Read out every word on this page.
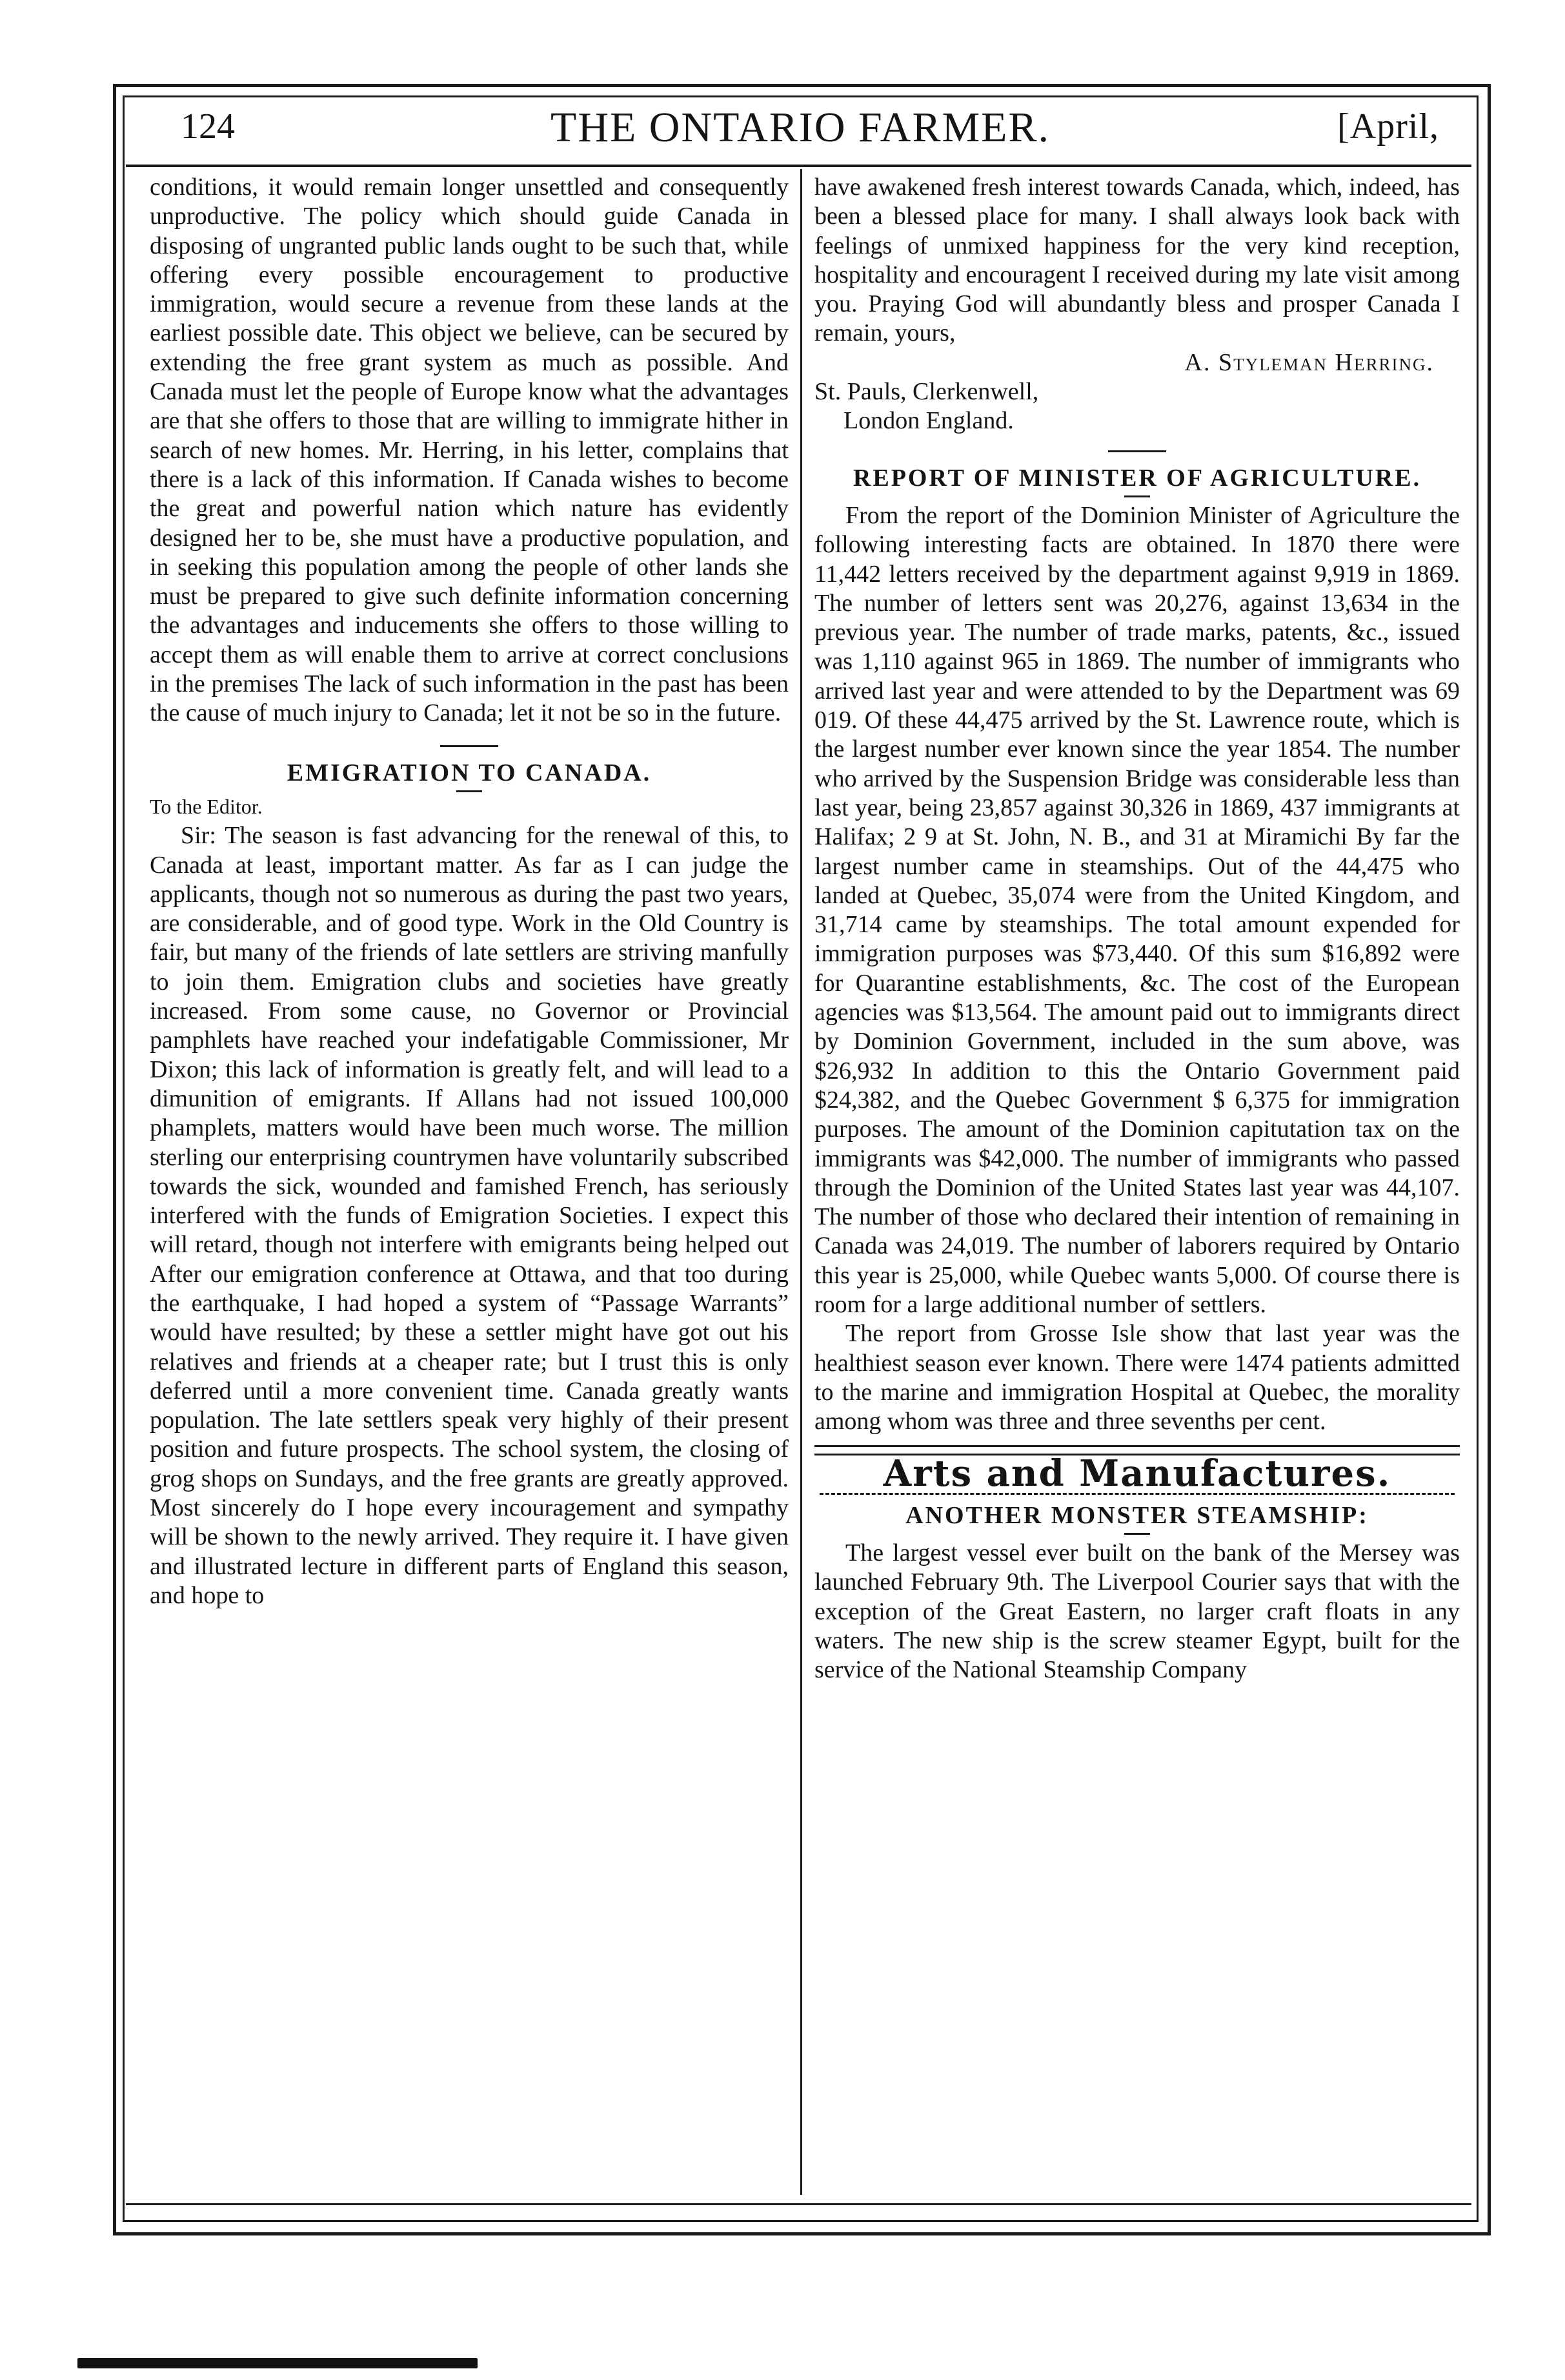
124	THE ONTARIO FARMER.	[April,

conditions, it would remain longer unsettled and consequently unproductive. The policy which should guide Canada in disposing of ungranted public lands ought to be such that, while offering every possible encouragement to productive immigration, would secure a revenue from these lands at the earliest possible date. This object we believe, can be secured by extending the free grant system as much as possible. And Canada must let the people of Europe know what the advantages are that she offers to those that are willing to immigrate hither in search of new homes. Mr. Herring, in his letter, complains that there is a lack of this information. If Canada wishes to become the great and powerful nation which nature has evidently designed her to be, she must have a productive population, and in seeking this population among the people of other lands she must be prepared to give such definite information concerning the advantages and inducements she offers to those willing to accept them as will enable them to arrive at correct conclusions in the premises The lack of such information in the past has been the cause of much injury to Canada; let it not be so in the future.

EMIGRATION TO CANADA.

To the Editor.

Sir: The season is fast advancing for the renewal of this, to Canada at least, important matter. As far as I can judge the applicants, though not so numerous as during the past two years, are considerable, and of good type. Work in the Old Country is fair, but many of the friends of late settlers are striving manfully to join them. Emigration clubs and societies have greatly increased. From some cause, no Governor or Provincial pamphlets have reached your indefatigable Commissioner, Mr Dixon; this lack of information is greatly felt, and will lead to a dimunition of emigrants. If Allans had not issued 100,000 phamplets, matters would have been much worse. The million sterling our enterprising countrymen have voluntarily subscribed towards the sick, wounded and famished French, has seriously interfered with the funds of Emigration Societies. I expect this will retard, though not interfere with emigrants being helped out After our emigration conference at Ottawa, and that too during the earthquake, I had hoped a system of “Passage Warrants” would have resulted; by these a settler might have got out his relatives and friends at a cheaper rate; but I trust this is only deferred until a more convenient time. Canada greatly wants population. The late settlers speak very highly of their present position and future prospects. The school system, the closing of grog shops on Sundays, and the free grants are greatly approved. Most sincerely do I hope every incouragement and sympathy will be shown to the newly arrived. They require it. I have given and illustrated lecture in different parts of England this season, and hope to

have awakened fresh interest towards Canada, which, indeed, has been a blessed place for many. I shall always look back with feelings of unmixed happiness for the very kind reception, hospitality and encouragent I received during my late visit among you. Praying God will abundantly bless and prosper Canada I remain, yours,

A. Styleman Herring.

St. Pauls, Clerkenwell,

London England.

REPORT OF MINISTER OF AGRICULTURE.

From the report of the Dominion Minister of Agriculture the following interesting facts are obtained. In 1870 there were 11,442 letters received by the department against 9,919 in 1869. The number of letters sent was 20,276, against 13,634 in the previous year. The number of trade marks, patents, &c., issued was 1,110 against 965 in 1869. The number of immigrants who arrived last year and were attended to by the Department was 69 019. Of these 44,475 arrived by the St. Lawrence route, which is the largest number ever known since the year 1854. The number who arrived by the Suspension Bridge was considerable less than last year, being 23,857 against 30,326 in 1869, 437 immigrants at Halifax; 2 9 at St. John, N. B., and 31 at Miramichi By far the largest number came in steamships. Out of the 44,475 who landed at Quebec, 35,074 were from the United Kingdom, and 31,714 came by steamships. The total amount expended for immigration purposes was $73,440. Of this sum $16,892 were for Quarantine establishments, &c. The cost of the European agencies was $13,564. The amount paid out to immigrants direct by Dominion Government, included in the sum above, was $26,932 In addition to this the Ontario Government paid $24,382, and the Quebec Government $ 6,375 for immigration purposes. The amount of the Dominion capitutation tax on the immigrants was $42,000. The number of immigrants who passed through the Dominion of the United States last year was 44,107. The number of those who declared their intention of remaining in Canada was 24,019. The number of laborers required by Ontario this year is 25,000, while Quebec wants 5,000. Of course there is room for a large additional number of settlers.

The report from Grosse Isle show that last year was the healthiest season ever known. There were 1474 patients admitted to the marine and immigration Hospital at Quebec, the morality among whom was three and three sevenths per cent.

Arts and Manufactures.
ANOTHER MONSTER STEAMSHIP:

The largest vessel ever built on the bank of the Mersey was launched February 9th. The Liverpool Courier says that with the exception of the Great Eastern, no larger craft floats in any waters. The new ship is the screw steamer Egypt, built for the service of the National Steamship Company
